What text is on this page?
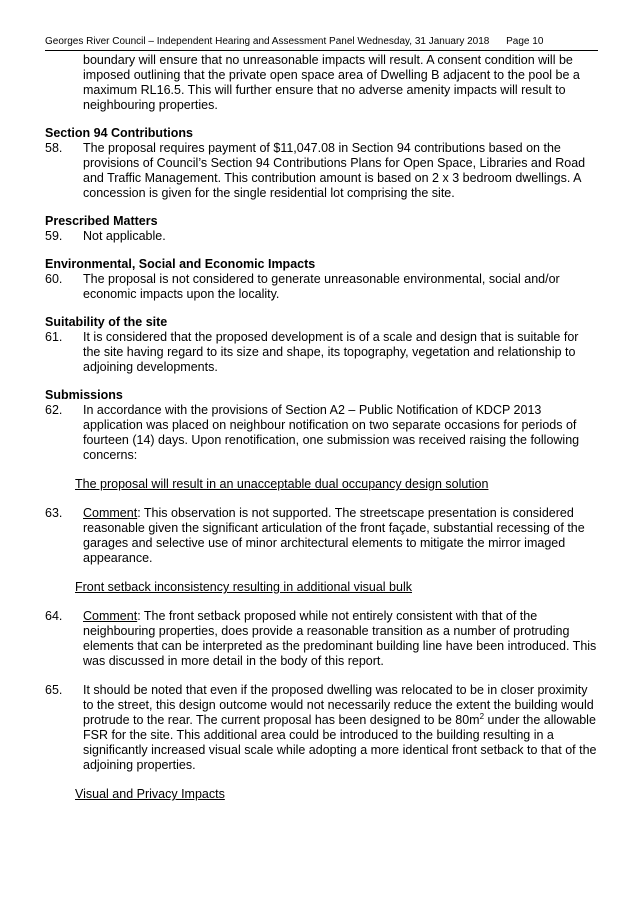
Georges River Council – Independent Hearing and Assessment Panel Wednesday, 31 January 2018 Page 10
boundary will ensure that no unreasonable impacts will result. A consent condition will be imposed outlining that the private open space area of Dwelling B adjacent to the pool be a maximum RL16.5. This will further ensure that no adverse amenity impacts will result to neighbouring properties.
Section 94 Contributions
58. The proposal requires payment of $11,047.08 in Section 94 contributions based on the provisions of Council’s Section 94 Contributions Plans for Open Space, Libraries and Road and Traffic Management. This contribution amount is based on 2 x 3 bedroom dwellings. A concession is given for the single residential lot comprising the site.
Prescribed Matters
59. Not applicable.
Environmental, Social and Economic Impacts
60. The proposal is not considered to generate unreasonable environmental, social and/or economic impacts upon the locality.
Suitability of the site
61. It is considered that the proposed development is of a scale and design that is suitable for the site having regard to its size and shape, its topography, vegetation and relationship to adjoining developments.
Submissions
62. In accordance with the provisions of Section A2 – Public Notification of KDCP 2013 application was placed on neighbour notification on two separate occasions for periods of fourteen (14) days. Upon renotification, one submission was received raising the following concerns:
The proposal will result in an unacceptable dual occupancy design solution
63. Comment: This observation is not supported. The streetscape presentation is considered reasonable given the significant articulation of the front façade, substantial recessing of the garages and selective use of minor architectural elements to mitigate the mirror imaged appearance.
Front setback inconsistency resulting in additional visual bulk
64. Comment: The front setback proposed while not entirely consistent with that of the neighbouring properties, does provide a reasonable transition as a number of protruding elements that can be interpreted as the predominant building line have been introduced. This was discussed in more detail in the body of this report.
65. It should be noted that even if the proposed dwelling was relocated to be in closer proximity to the street, this design outcome would not necessarily reduce the extent the building would protrude to the rear. The current proposal has been designed to be $80m^2$ under the allowable FSR for the site. This additional area could be introduced to the building resulting in a significantly increased visual scale while adopting a more identical front setback to that of the adjoining properties.
Visual and Privacy Impacts
